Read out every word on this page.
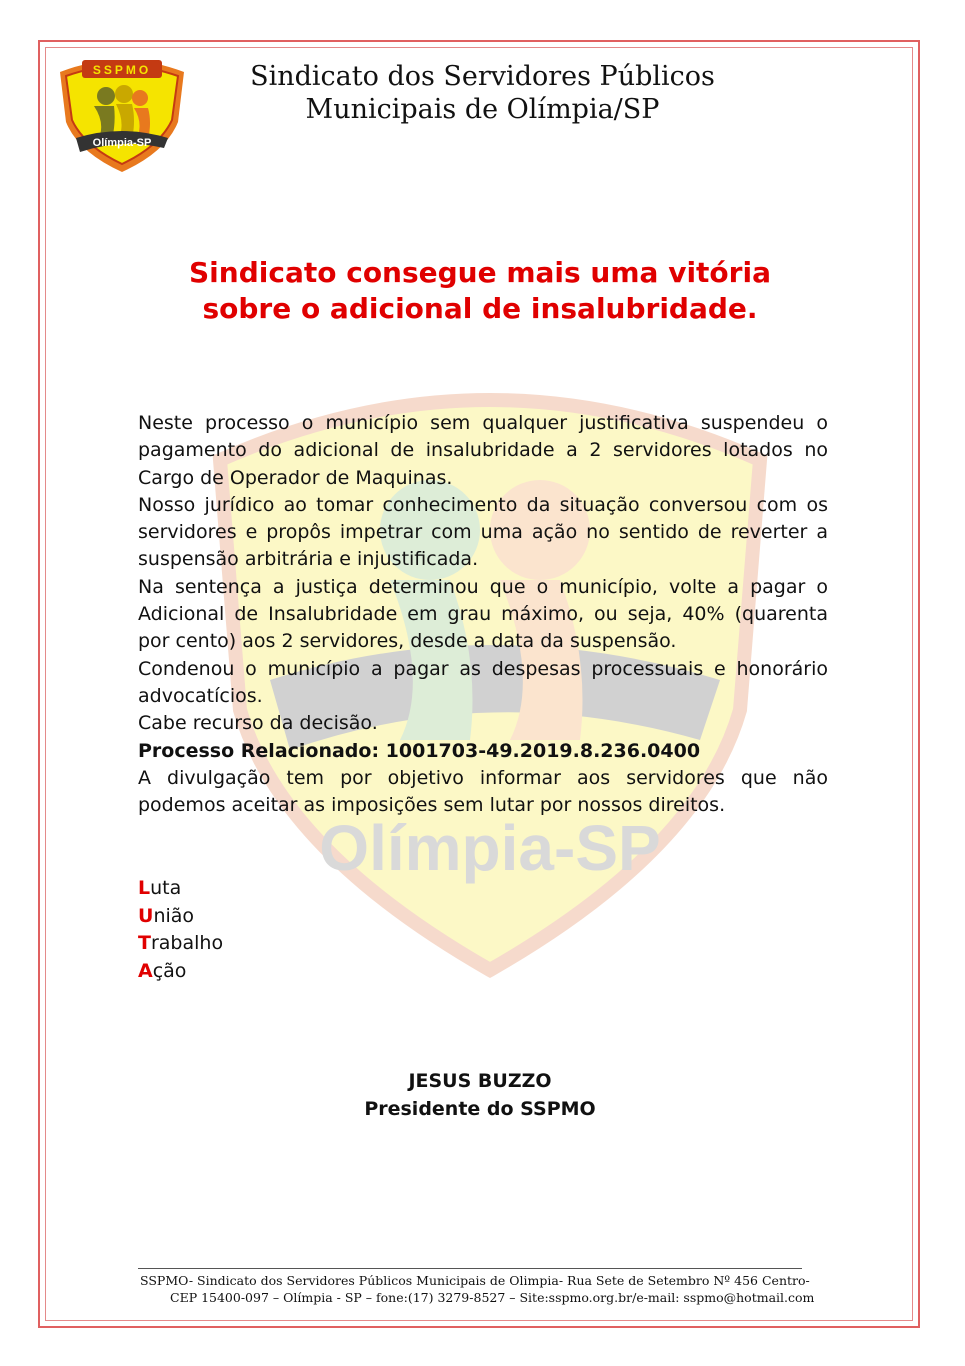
Olímpia-SP
SSPMO
Olímpia-SP
Sindicato dos Servidores Públicos
Municipais de Olímpia/SP
Sindicato consegue mais uma vitória
sobre o adicional de insalubridade.

Neste processo o município sem qualquer justificativa suspendeu o pagamento do adicional de insalubridade a 2 servidores lotados no Cargo de Operador de Maquinas.

Nosso jurídico ao tomar conhecimento da situação conversou com os servidores e propôs impetrar com uma ação no sentido de reverter a suspensão arbitrária e injustificada.

Na sentença a justiça determinou que o município, volte a pagar o Adicional de Insalubridade em grau máximo, ou seja, 40% (quarenta por cento) aos 2 servidores, desde a data da suspensão.

Condenou o município a pagar as despesas processuais e honorário advocatícios.

Cabe recurso da decisão.

Processo Relacionado: 1001703-49.2019.8.236.0400

A divulgação tem por objetivo informar aos servidores que não podemos aceitar as imposições sem lutar por nossos direitos.

Luta
União
Trabalho
Ação
JESUS BUZZO
Presidente do SSPMO
SSPMO- Sindicato dos Servidores Públicos Municipais de Olimpia- Rua Sete de Setembro Nº 456 Centro-
CEP 15400-097 – Olímpia - SP – fone:(17) 3279-8527 – Site:sspmo.org.br/e-mail: sspmo@hotmail.com
